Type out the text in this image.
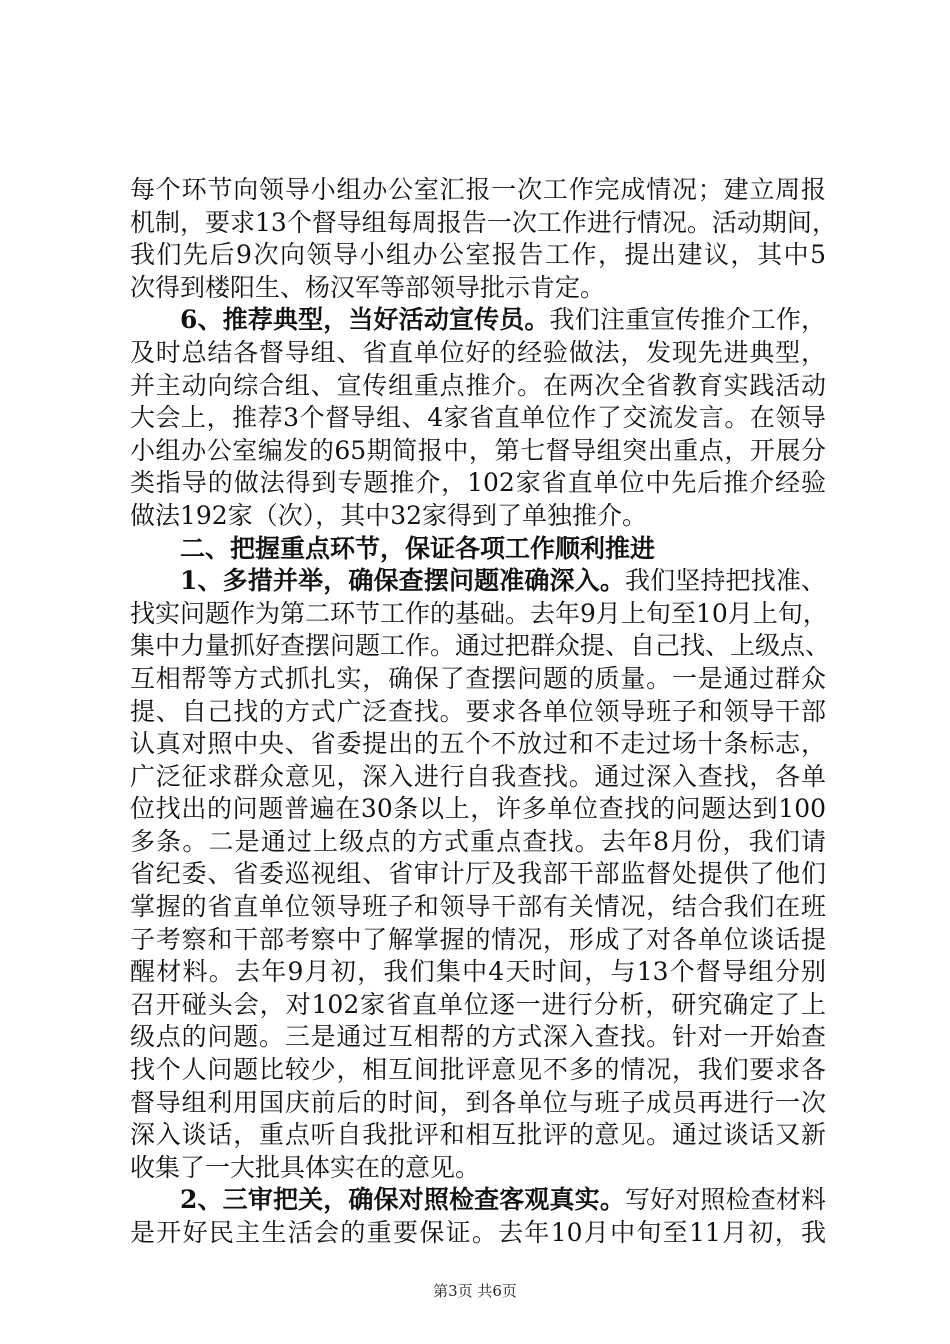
每个环节向领导小组办公室汇报一次工作完成情况；建立周报
机制，要求13个督导组每周报告一次工作进行情况。活动期间，
我们先后9次向领导小组办公室报告工作，提出建议，其中5
次得到楼阳生、杨汉军等部领导批示肯定。
6、推荐典型，当好活动宣传员。我们注重宣传推介工作，
及时总结各督导组、省直单位好的经验做法，发现先进典型，
并主动向综合组、宣传组重点推介。在两次全省教育实践活动
大会上，推荐3个督导组、4家省直单位作了交流发言。在领导
小组办公室编发的65期简报中，第七督导组突出重点，开展分
类指导的做法得到专题推介，102家省直单位中先后推介经验
做法192家（次），其中32家得到了单独推介。
二、把握重点环节，保证各项工作顺利推进
1、多措并举，确保查摆问题准确深入。我们坚持把找准、
找实问题作为第二环节工作的基础。去年9月上旬至10月上旬，
集中力量抓好查摆问题工作。通过把群众提、自己找、上级点、
互相帮等方式抓扎实，确保了查摆问题的质量。一是通过群众
提、自己找的方式广泛查找。要求各单位领导班子和领导干部
认真对照中央、省委提出的五个不放过和不走过场十条标志，
广泛征求群众意见，深入进行自我查找。通过深入查找，各单
位找出的问题普遍在30条以上，许多单位查找的问题达到100
多条。二是通过上级点的方式重点查找。去年8月份，我们请
省纪委、省委巡视组、省审计厅及我部干部监督处提供了他们
掌握的省直单位领导班子和领导干部有关情况，结合我们在班
子考察和干部考察中了解掌握的情况，形成了对各单位谈话提
醒材料。去年9月初，我们集中4天时间，与13个督导组分别
召开碰头会，对102家省直单位逐一进行分析，研究确定了上
级点的问题。三是通过互相帮的方式深入查找。针对一开始查
找个人问题比较少，相互间批评意见不多的情况，我们要求各
督导组利用国庆前后的时间，到各单位与班子成员再进行一次
深入谈话，重点听自我批评和相互批评的意见。通过谈话又新
收集了一大批具体实在的意见。
2、三审把关，确保对照检查客观真实。写好对照检查材料
是开好民主生活会的重要保证。去年10月中旬至11月初，我
第3页 共6页
